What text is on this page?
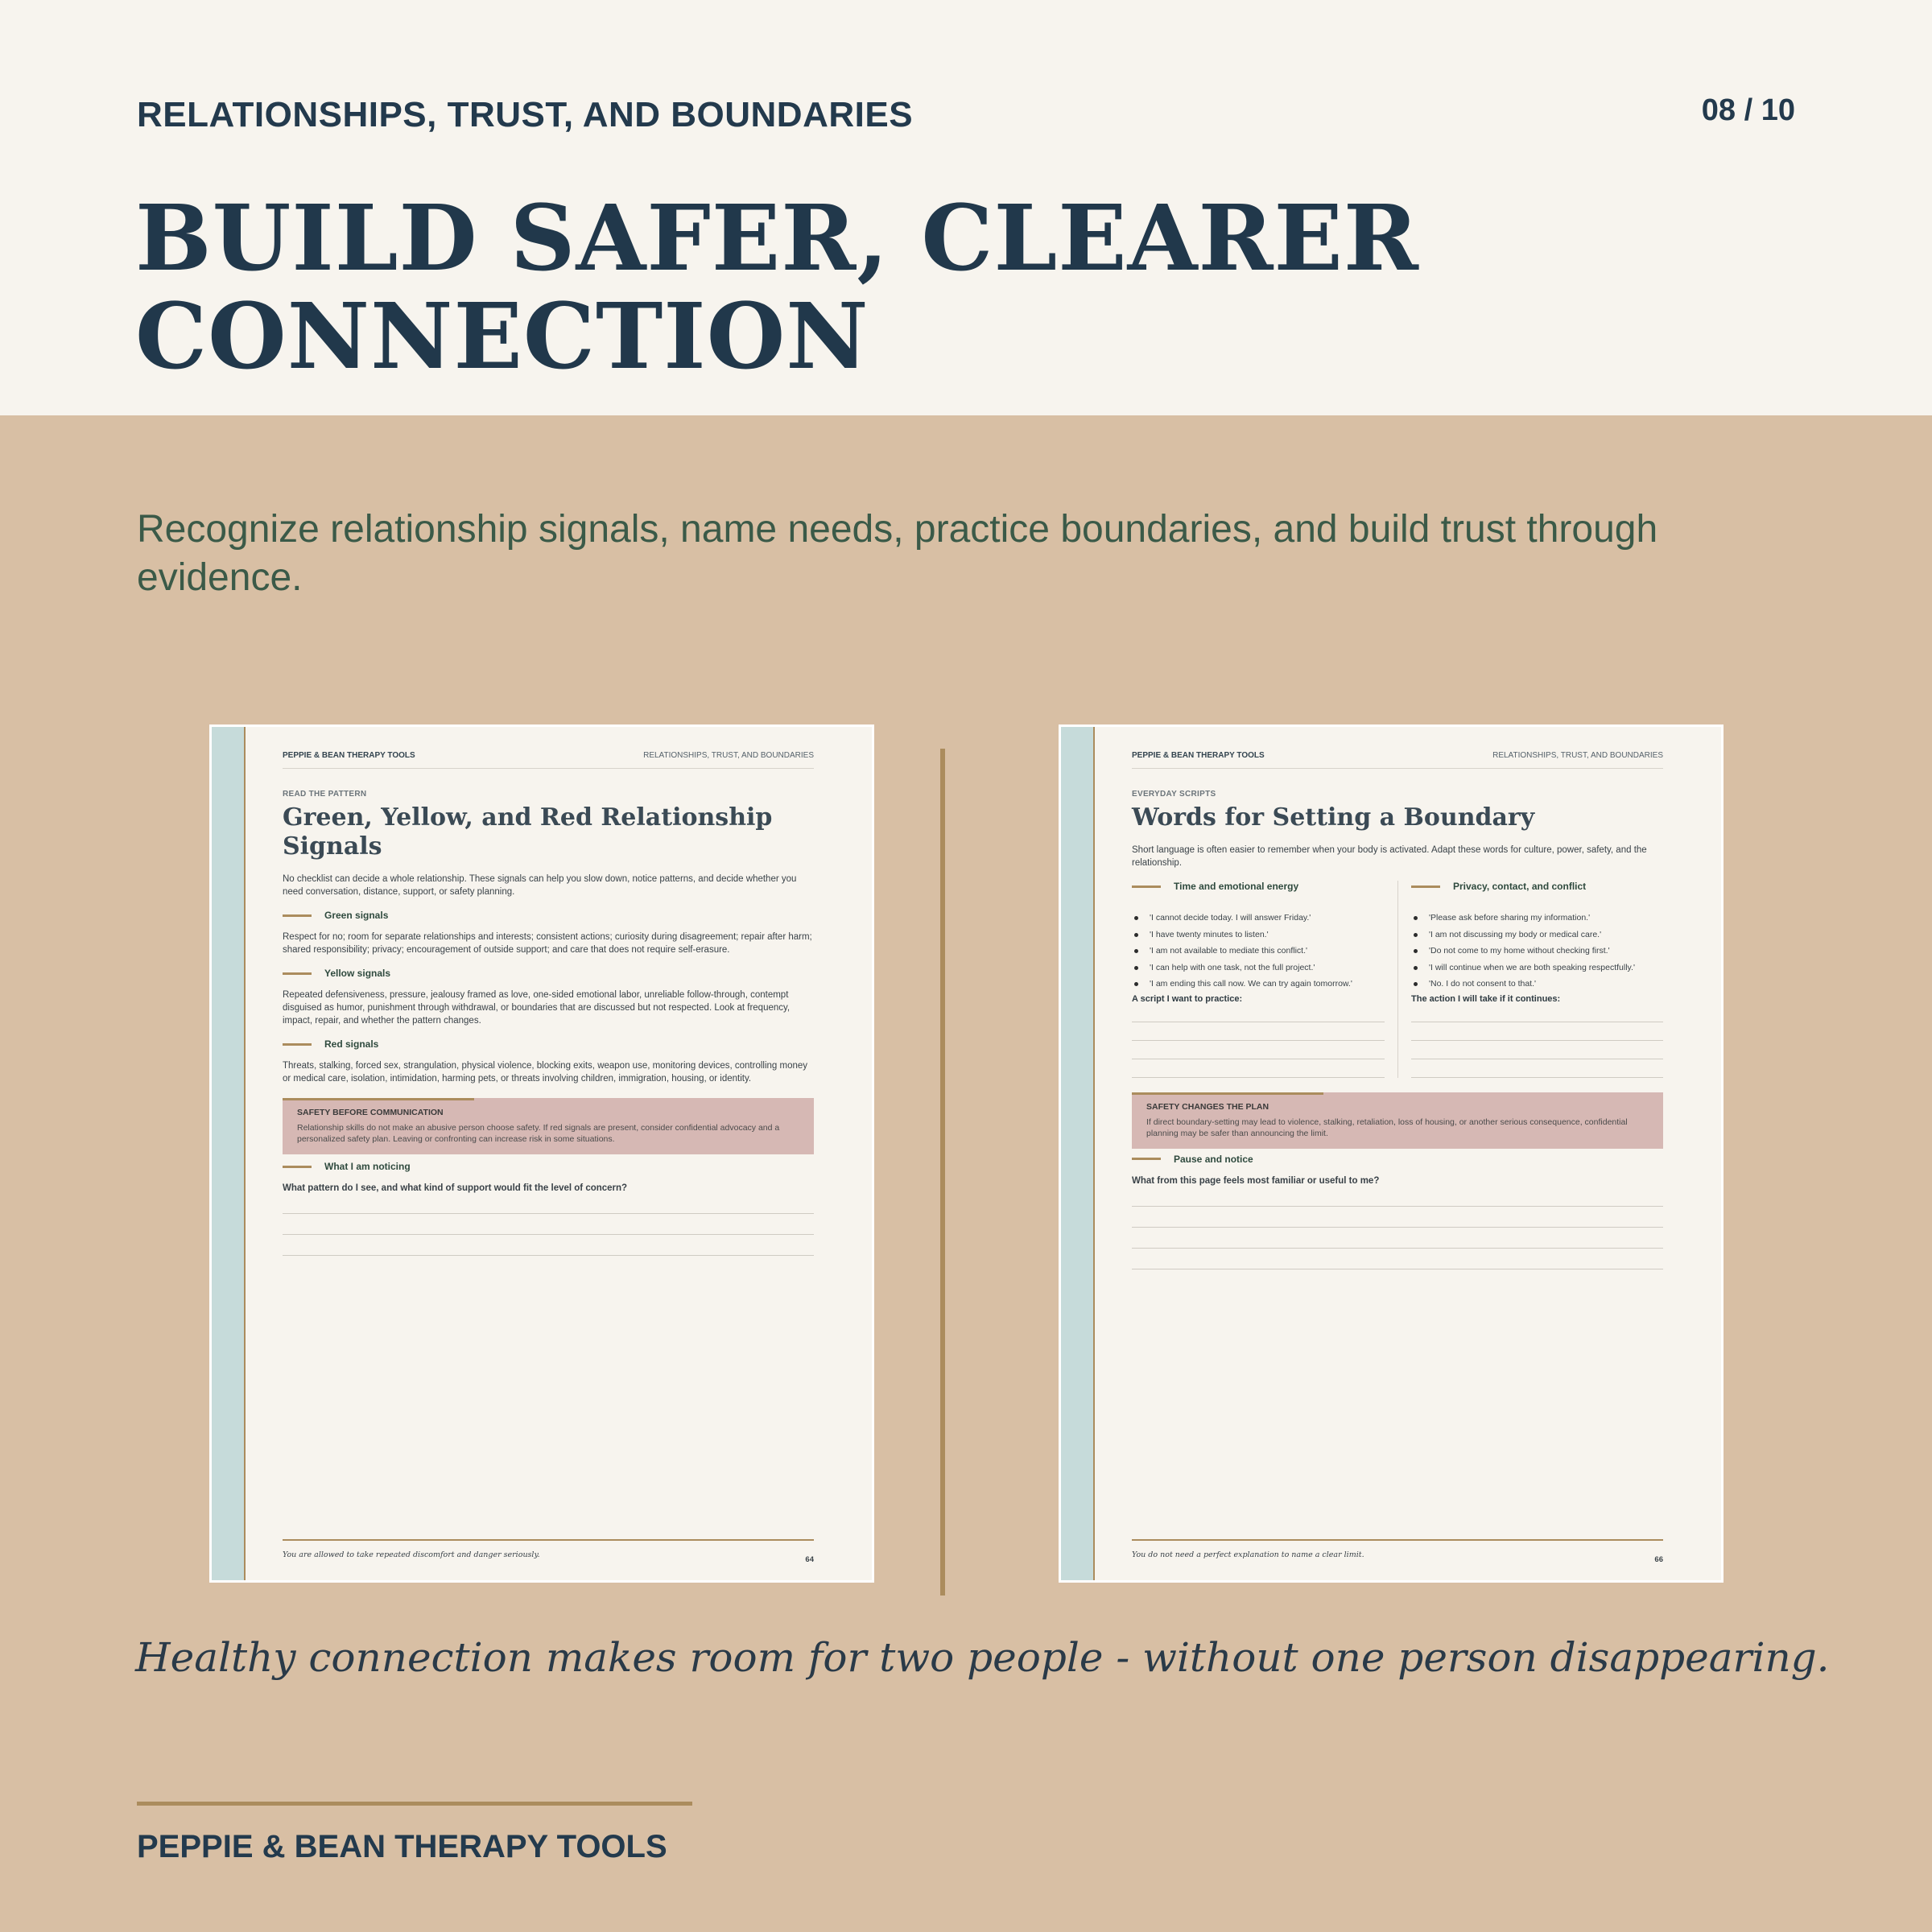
RELATIONSHIPS, TRUST, AND BOUNDARIES	08 / 10
BUILD SAFER, CLEARER CONNECTION

Recognize relationship signals, name needs, practice boundaries, and build trust through evidence.

PEPPIE & BEAN THERAPY TOOLS	RELATIONSHIPS, TRUST, AND BOUNDARIES
READ THE PATTERN
Green, Yellow, and Red Relationship Signals

No checklist can decide a whole relationship. These signals can help you slow down, notice patterns, and decide whether you need conversation, distance, support, or safety planning.

Green signals

Respect for no; room for separate relationships and interests; consistent actions; curiosity during disagreement; repair after harm; shared responsibility; privacy; encouragement of outside support; and care that does not require self-erasure.

Yellow signals

Repeated defensiveness, pressure, jealousy framed as love, one-sided emotional labor, unreliable follow-through, contempt disguised as humor, punishment through withdrawal, or boundaries that are discussed but not respected. Look at frequency, impact, repair, and whether the pattern changes.

Red signals

Threats, stalking, forced sex, strangulation, physical violence, blocking exits, weapon use, monitoring devices, controlling money or medical care, isolation, intimidation, harming pets, or threats involving children, immigration, housing, or identity.

SAFETY BEFORE COMMUNICATION
Relationship skills do not make an abusive person choose safety. If red signals are present, consider confidential advocacy and a personalized safety plan. Leaving or confronting can increase risk in some situations.
What I am noticing
What pattern do I see, and what kind of support would fit the level of concern?
You are allowed to take repeated discomfort and danger seriously.
64
PEPPIE & BEAN THERAPY TOOLS	RELATIONSHIPS, TRUST, AND BOUNDARIES
EVERYDAY SCRIPTS
Words for Setting a Boundary

Short language is often easier to remember when your body is activated. Adapt these words for culture, power, safety, and the relationship.

Time and emotional energy
'I cannot decide today. I will answer Friday.'
'I have twenty minutes to listen.'
'I am not available to mediate this conflict.'
'I can help with one task, not the full project.'
'I am ending this call now. We can try again tomorrow.'
A script I want to practice:
Privacy, contact, and conflict
'Please ask before sharing my information.'
'I am not discussing my body or medical care.'
'Do not come to my home without checking first.'
'I will continue when we are both speaking respectfully.'
'No. I do not consent to that.'
The action I will take if it continues:
SAFETY CHANGES THE PLAN
If direct boundary-setting may lead to violence, stalking, retaliation, loss of housing, or another serious consequence, confidential planning may be safer than announcing the limit.
Pause and notice
What from this page feels most familiar or useful to me?
You do not need a perfect explanation to name a clear limit.
66

Healthy connection makes room for two people - without one person disappearing.

PEPPIE & BEAN THERAPY TOOLS
